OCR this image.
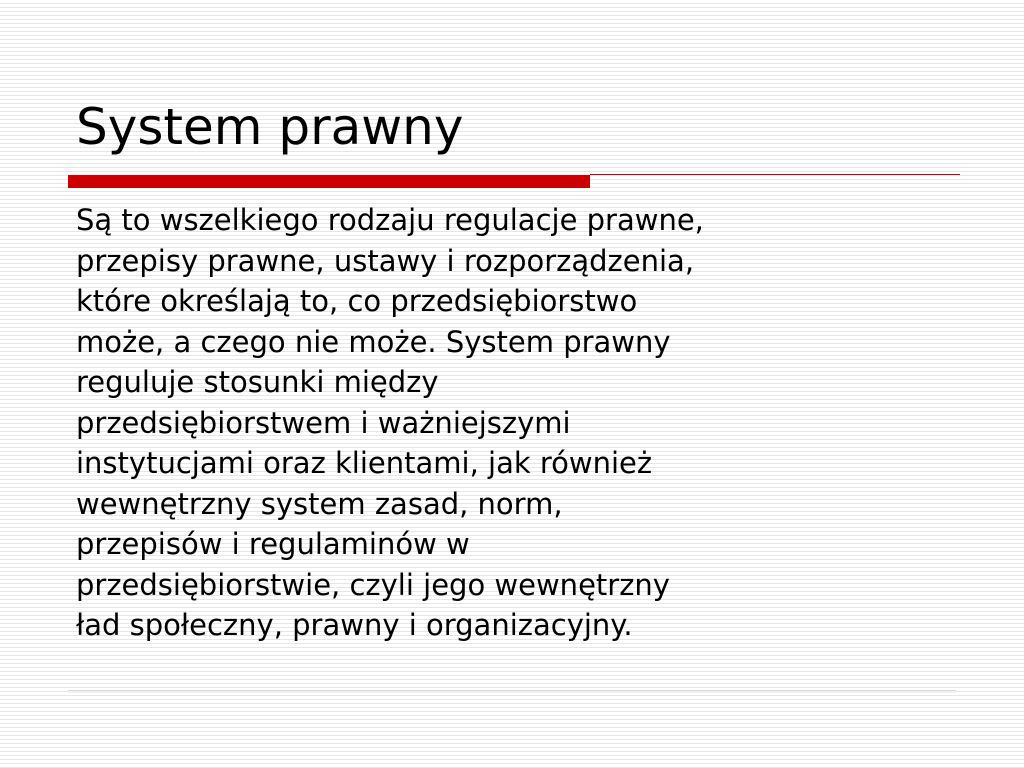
System prawny

Są to wszelkiego rodzaju regulacje prawne,
przepisy prawne, ustawy i rozporządzenia,
które określają to, co przedsiębiorstwo
może, a czego nie może. System prawny
reguluje stosunki między
przedsiębiorstwem i ważniejszymi
instytucjami oraz klientami, jak również
wewnętrzny system zasad, norm,
przepisów i regulaminów w
przedsiębiorstwie, czyli jego wewnętrzny
ład społeczny, prawny i organizacyjny.
